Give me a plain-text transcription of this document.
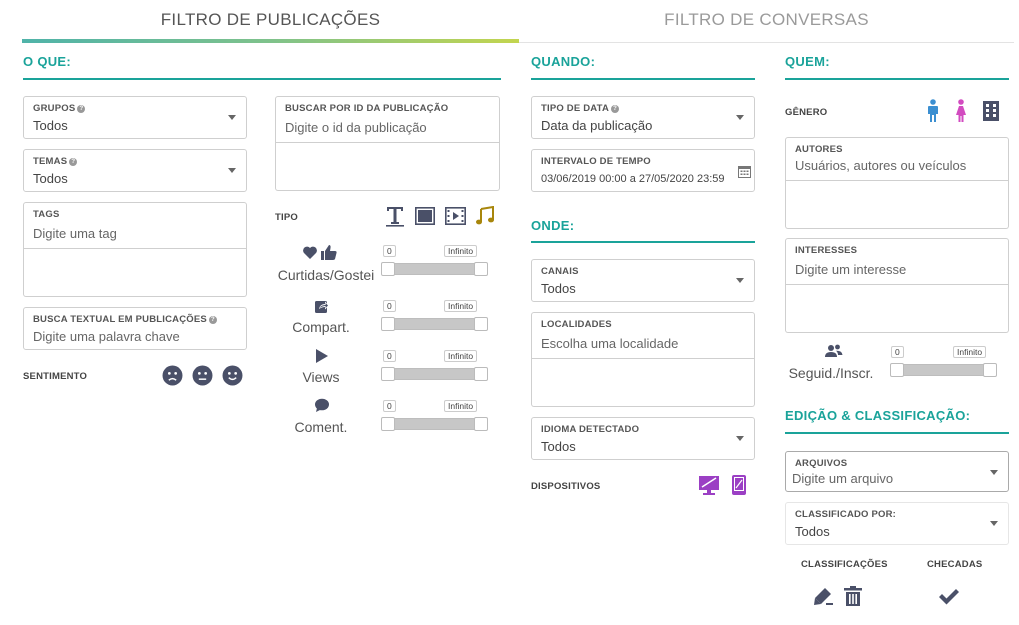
FILTRO DE PUBLICAÇÕES	FILTRO DE CONVERSAS
O QUE:
GRUPOS ?
Todos
TEMAS ?
Todos
TAGS
Digite uma tag
BUSCA TEXTUAL EM PUBLICAÇÕES ?
Digite uma palavra chave
SENTIMENTO
BUSCAR POR ID DA PUBLICAÇÃO
Digite o id da publicação
TIPO
Curtidas/Gostei
0	Infinito
Compart.
0	Infinito
Views
0	Infinito
Coment.
0	Infinito
QUANDO:
TIPO DE DATA ?
Data da publicação
INTERVALO DE TEMPO
03/06/2019 00:00 a 27/05/2020 23:59
ONDE:
CANAIS
Todos
LOCALIDADES
Escolha uma localidade
IDIOMA DETECTADO
Todos
DISPOSITIVOS
QUEM:
GÊNERO
AUTORES
Usuários, autores ou veículos
INTERESSES
Digite um interesse
Seguid./Inscr.
0	Infinito
EDIÇÃO & CLASSIFICAÇÃO:
ARQUIVOS
Digite um arquivo
CLASSIFICADO POR:
Todos
CLASSIFICAÇÕES	CHECADAS
